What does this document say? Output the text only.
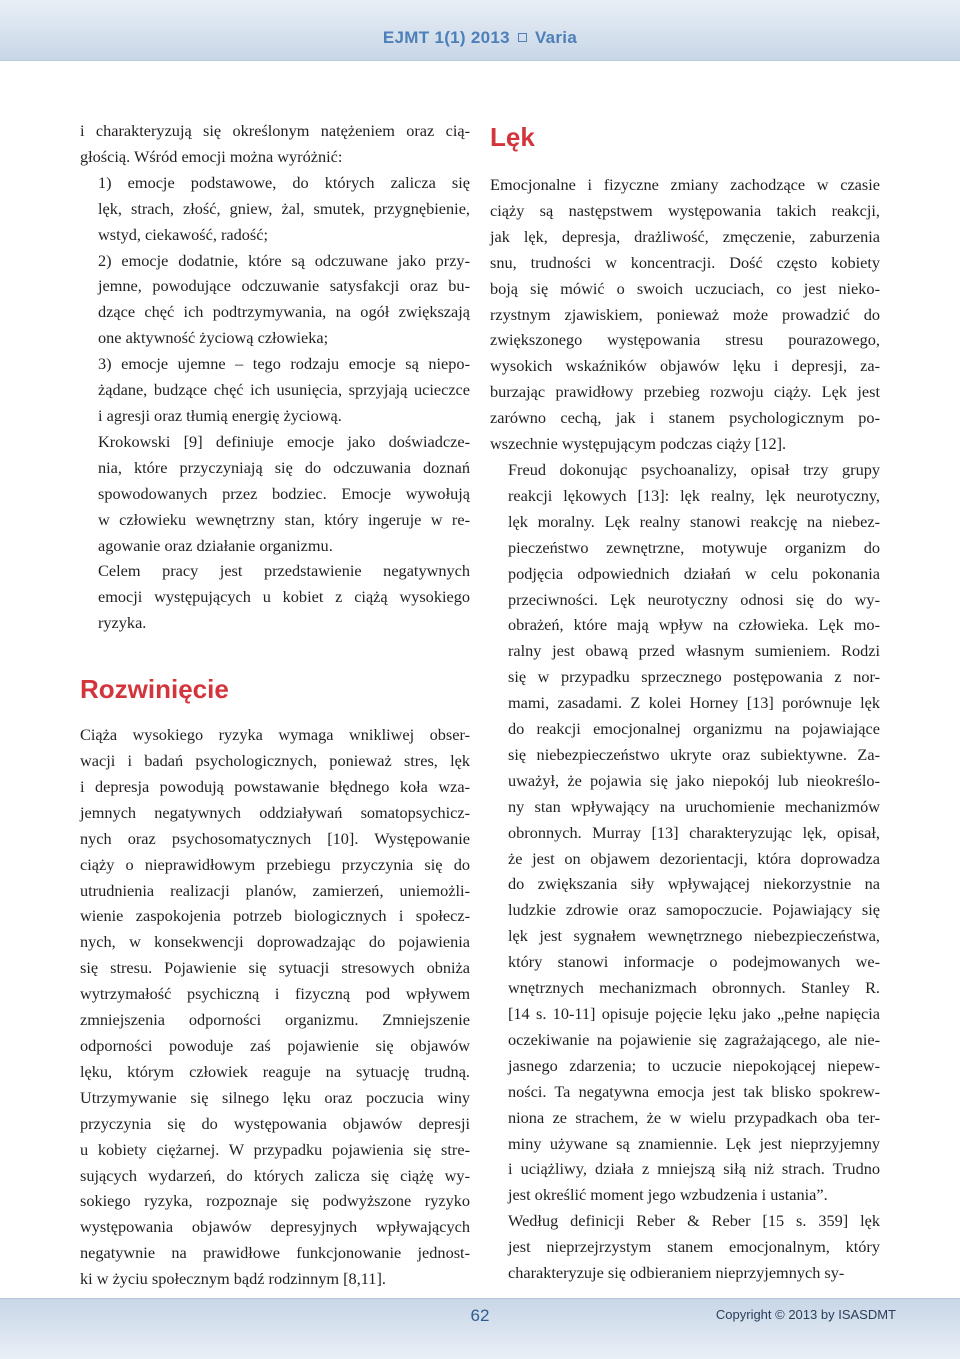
EJMT 1(1) 2013 Varia

i charakteryzują się określonym natężeniem oraz cią-
głością. Wśród emocji można wyróżnić:

1) emocje podstawowe, do których zalicza się
lęk, strach, złość, gniew, żal, smutek, przygnębienie,
wstyd, ciekawość, radość;

2) emocje dodatnie, które są odczuwane jako przy-
jemne, powodujące odczuwanie satysfakcji oraz bu-
dzące chęć ich podtrzymywania, na ogół zwiększają
one aktywność życiową człowieka;

3) emocje ujemne – tego rodzaju emocje są niepo-
żądane, budzące chęć ich usunięcia, sprzyjają ucieczce
i agresji oraz tłumią energię życiową.

Krokowski [9] definiuje emocje jako doświadcze-
nia, które przyczyniają się do odczuwania doznań
spowodowanych przez bodziec. Emocje wywołują
w człowieku wewnętrzny stan, który ingeruje w re-
agowanie oraz działanie organizmu.

Celem pracy jest przedstawienie negatywnych
emocji występujących u kobiet z ciążą wysokiego
ryzyka.

Rozwinięcie

Ciąża wysokiego ryzyka wymaga wnikliwej obser-
wacji i badań psychologicznych, ponieważ stres, lęk
i depresja powodują powstawanie błędnego koła wza-
jemnych negatywnych oddziaływań somatopsychicz-
nych oraz psychosomatycznych [10]. Występowanie
ciąży o nieprawidłowym przebiegu przyczynia się do
utrudnienia realizacji planów, zamierzeń, uniemożli-
wienie zaspokojenia potrzeb biologicznych i społecz-
nych, w konsekwencji doprowadzając do pojawienia
się stresu. Pojawienie się sytuacji stresowych obniża
wytrzymałość psychiczną i fizyczną pod wpływem
zmniejszenia odporności organizmu. Zmniejszenie
odporności powoduje zaś pojawienie się objawów
lęku, którym człowiek reaguje na sytuację trudną.
Utrzymywanie się silnego lęku oraz poczucia winy
przyczynia się do występowania objawów depresji
u kobiety ciężarnej. W przypadku pojawienia się stre-
sujących wydarzeń, do których zalicza się ciążę wy-
sokiego ryzyka, rozpoznaje się podwyższone ryzyko
występowania objawów depresyjnych wpływających
negatywnie na prawidłowe funkcjonowanie jednost-
ki w życiu społecznym bądź rodzinnym [8,11].

Lęk

Emocjonalne i fizyczne zmiany zachodzące w czasie
ciąży są następstwem występowania takich reakcji,
jak lęk, depresja, drażliwość, zmęczenie, zaburzenia
snu, trudności w koncentracji. Dość często kobiety
boją się mówić o swoich uczuciach, co jest nieko-
rzystnym zjawiskiem, ponieważ może prowadzić do
zwiększonego występowania stresu pourazowego,
wysokich wskaźników objawów lęku i depresji, za-
burzając prawidłowy przebieg rozwoju ciąży. Lęk jest
zarówno cechą, jak i stanem psychologicznym po-
wszechnie występującym podczas ciąży [12].

Freud dokonując psychoanalizy, opisał trzy grupy
reakcji lękowych [13]: lęk realny, lęk neurotyczny,
lęk moralny. Lęk realny stanowi reakcję na niebez-
pieczeństwo zewnętrzne, motywuje organizm do
podjęcia odpowiednich działań w celu pokonania
przeciwności. Lęk neurotyczny odnosi się do wy-
obrażeń, które mają wpływ na człowieka. Lęk mo-
ralny jest obawą przed własnym sumieniem. Rodzi
się w przypadku sprzecznego postępowania z nor-
mami, zasadami. Z kolei Horney [13] porównuje lęk
do reakcji emocjonalnej organizmu na pojawiające
się niebezpieczeństwo ukryte oraz subiektywne. Za-
uważył, że pojawia się jako niepokój lub nieokreślo-
ny stan wpływający na uruchomienie mechanizmów
obronnych. Murray [13] charakteryzując lęk, opisał,
że jest on objawem dezorientacji, która doprowadza
do zwiększania siły wpływającej niekorzystnie na
ludzkie zdrowie oraz samopoczucie. Pojawiający się
lęk jest sygnałem wewnętrznego niebezpieczeństwa,
który stanowi informacje o podejmowanych we-
wnętrznych mechanizmach obronnych. Stanley R.
[14 s. 10-11] opisuje pojęcie lęku jako „pełne napięcia
oczekiwanie na pojawienie się zagrażającego, ale nie-
jasnego zdarzenia; to uczucie niepokojącej niepew-
ności. Ta negatywna emocja jest tak blisko spokrew-
niona ze strachem, że w wielu przypadkach oba ter-
miny używane są znamiennie. Lęk jest nieprzyjemny
i uciążliwy, działa z mniejszą siłą niż strach. Trudno
jest określić moment jego wzbudzenia i ustania”.

Według definicji Reber & Reber [15 s. 359] lęk
jest nieprzejrzystym stanem emocjonalnym, który
charakteryzuje się odbieraniem nieprzyjemnych sy-

62	Copyright © 2013 by ISASDMT
